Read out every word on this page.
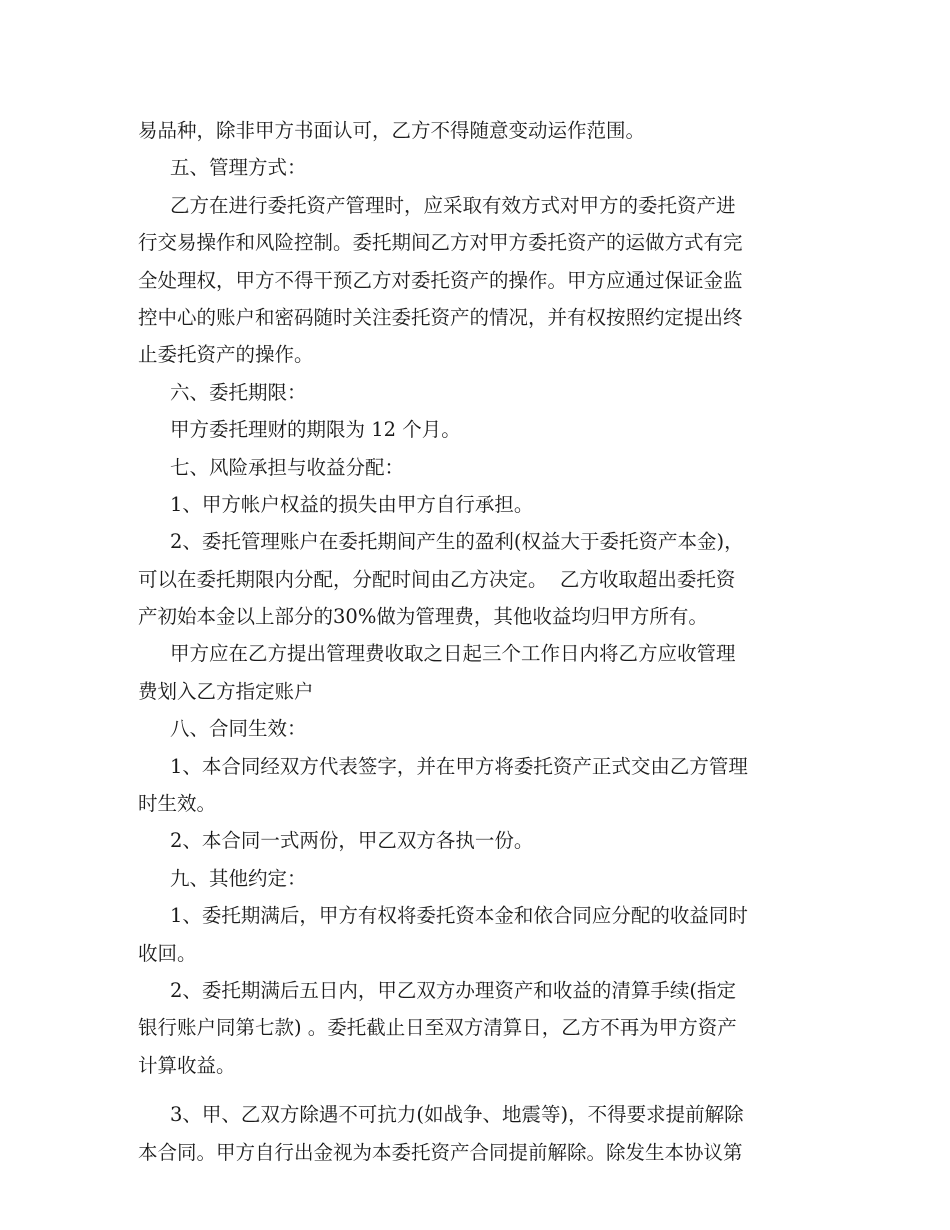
易品种，除非甲方书面认可，乙方不得随意变动运作范围。
五、管理方式：
乙方在进行委托资产管理时，应采取有效方式对甲方的委托资产进
行交易操作和风险控制。委托期间乙方对甲方委托资产的运做方式有完
全处理权，甲方不得干预乙方对委托资产的操作。甲方应通过保证金监
控中心的账户和密码随时关注委托资产的情况，并有权按照约定提出终
止委托资产的操作。
六、委托期限：
甲方委托理财的期限为 12 个月。
七、风险承担与收益分配：
1、甲方帐户权益的损失由甲方自行承担。
2、委托管理账户在委托期间产生的盈利(权益大于委托资产本金)，
可以在委托期限内分配，分配时间由乙方决定。  乙方收取超出委托资
产初始本金以上部分的30%做为管理费，其他收益均归甲方所有。
甲方应在乙方提出管理费收取之日起三个工作日内将乙方应收管理
费划入乙方指定账户
八、合同生效：
1、本合同经双方代表签字，并在甲方将委托资产正式交由乙方管理
时生效。
2、本合同一式两份，甲乙双方各执一份。
九、其他约定：
1、委托期满后，甲方有权将委托资本金和依合同应分配的收益同时
收回。
2、委托期满后五日内，甲乙双方办理资产和收益的清算手续(指定
银行账户同第七款) 。委托截止日至双方清算日，乙方不再为甲方资产
计算收益。
3、甲、乙双方除遇不可抗力(如战争、地震等)，不得要求提前解除
本合同。甲方自行出金视为本委托资产合同提前解除。除发生本协议第
